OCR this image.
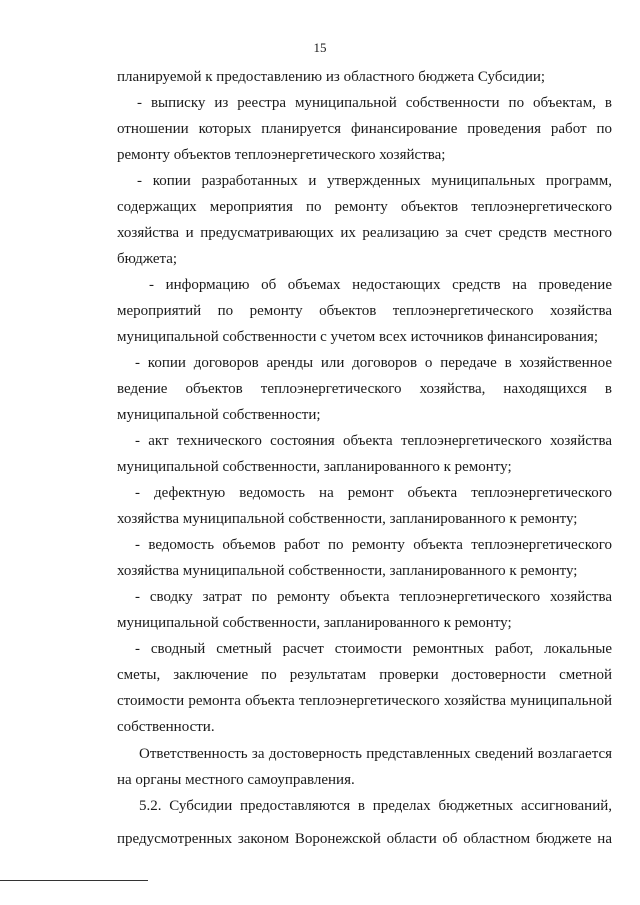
15
планируемой к предоставлению из областного бюджета Субсидии;
- выписку из реестра муниципальной собственности по объектам, в
отношении которых планируется финансирование проведения работ по
ремонту объектов теплоэнергетического хозяйства;
- копии разработанных и утвержденных муниципальных программ,
содержащих мероприятия по ремонту объектов теплоэнергетического
хозяйства и предусматривающих их реализацию за счет средств местного
бюджета;
- информацию об объемах недостающих средств на проведение
мероприятий по ремонту объектов теплоэнергетического хозяйства
муниципальной собственности с учетом всех источников финансирования;
- копии договоров аренды или договоров о передаче в хозяйственное
ведение объектов теплоэнергетического хозяйства, находящихся в
муниципальной собственности;
- акт технического состояния объекта теплоэнергетического хозяйства
муниципальной собственности, запланированного к ремонту;
- дефектную ведомость на ремонт объекта теплоэнергетического
хозяйства муниципальной собственности, запланированного к ремонту;
- ведомость объемов работ по ремонту объекта теплоэнергетического
хозяйства муниципальной собственности, запланированного к ремонту;
- сводку затрат по ремонту объекта теплоэнергетического хозяйства
муниципальной собственности, запланированного к ремонту;
- сводный сметный расчет стоимости ремонтных работ, локальные
сметы, заключение по результатам проверки достоверности сметной
стоимости ремонта объекта теплоэнергетического хозяйства муниципальной
собственности.
Ответственность за достоверность представленных сведений возлагается
на органы местного самоуправления.
5.2. Субсидии предоставляются в пределах бюджетных ассигнований,
предусмотренных законом Воронежской области об областном бюджете на
